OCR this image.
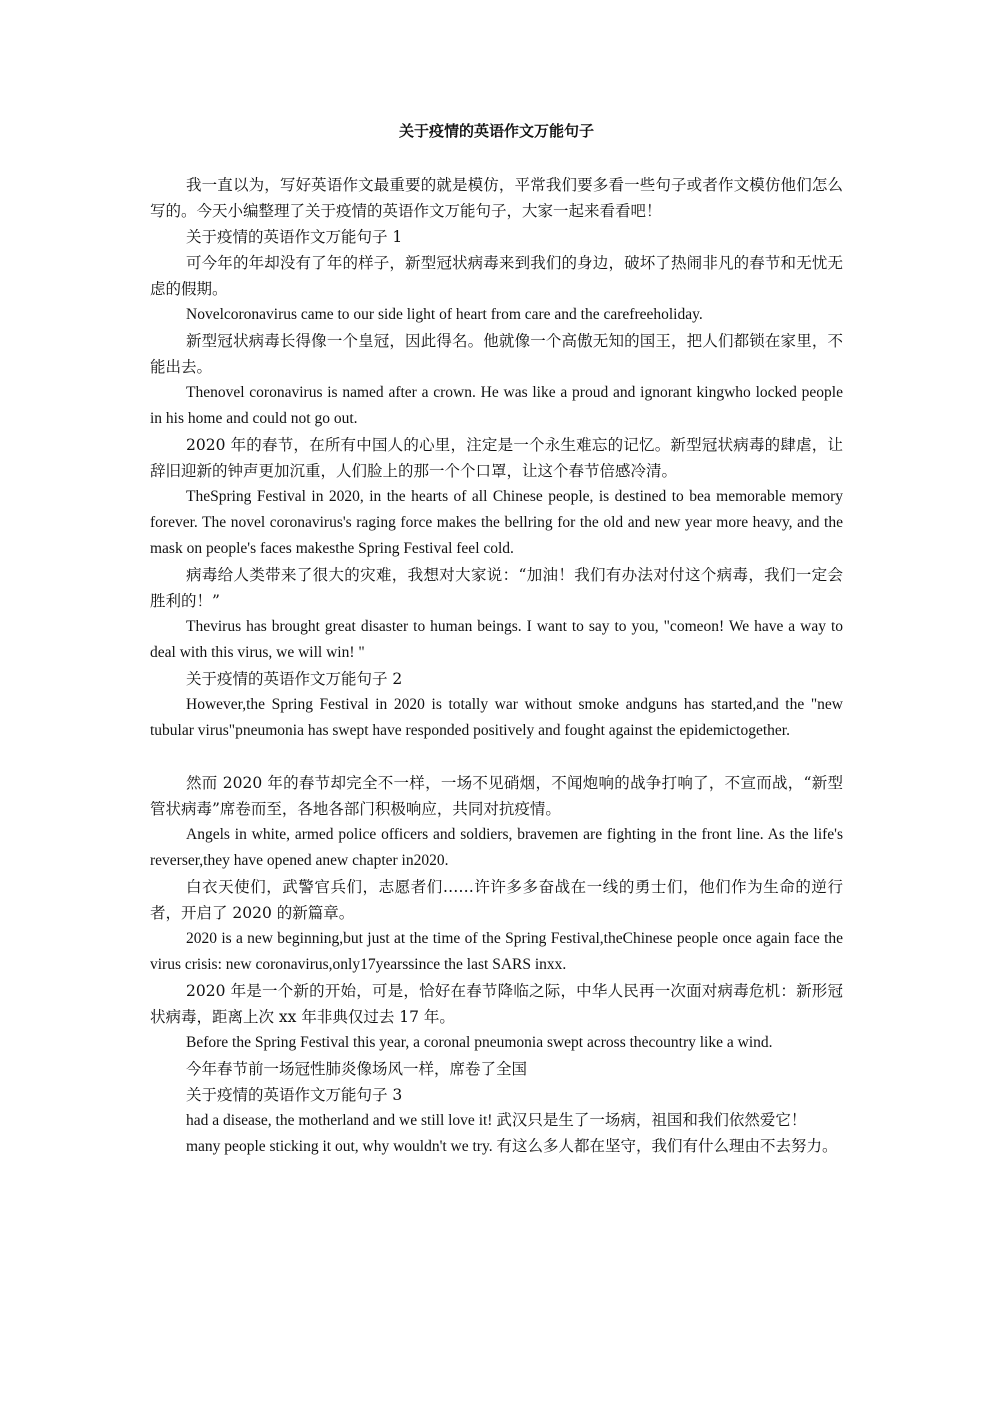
关于疫情的英语作文万能句子

我一直以为，写好英语作文最重要的就是模仿，平常我们要多看一些句子或者作文模仿他们怎么写的。今天小编整理了关于疫情的英语作文万能句子，大家一起来看看吧！

关于疫情的英语作文万能句子 1

可今年的年却没有了年的样子，新型冠状病毒来到我们的身边，破坏了热闹非凡的春节和无忧无虑的假期。

Novelcoronavirus came to our side light of heart from care and the carefreeholiday.

新型冠状病毒长得像一个皇冠，因此得名。他就像一个高傲无知的国王，把人们都锁在家里，不能出去。

Thenovel coronavirus is named after a crown. He was like a proud and ignorant kingwho locked people in his home and could not go out.

2020 年的春节，在所有中国人的心里，注定是一个永生难忘的记忆。新型冠状病毒的肆虐，让辞旧迎新的钟声更加沉重，人们脸上的那一个个口罩，让这个春节倍感冷清。

TheSpring Festival in 2020, in the hearts of all Chinese people, is destined to bea memorable memory forever. The novel coronavirus's raging force makes the bellring for the old and new year more heavy, and the mask on people's faces makesthe Spring Festival feel cold.

病毒给人类带来了很大的灾难，我想对大家说：“加油！我们有办法对付这个病毒，我们一定会胜利的！”

Thevirus has brought great disaster to human beings. I want to say to you, "comeon! We have a way to deal with this virus, we will win! "

关于疫情的英语作文万能句子 2

However,the Spring Festival in 2020 is totally war without smoke andguns has started,and the "new tubular virus"pneumonia has swept have responded positively and fought against the epidemictogether.

然而 2020 年的春节却完全不一样，一场不见硝烟，不闻炮响的战争打响了，不宣而战，“新型管状病毒”席卷而至，各地各部门积极响应，共同对抗疫情。

Angels in white, armed police officers and soldiers, bravemen are fighting in the front line. As the life's reverser,they have opened anew chapter in2020.

白衣天使们，武警官兵们，志愿者们……许许多多奋战在一线的勇士们，他们作为生命的逆行者，开启了 2020 的新篇章。

2020 is a new beginning,but just at the time of the Spring Festival,theChinese people once again face the virus crisis: new coronavirus,only17yearssince the last SARS inxx.

2020 年是一个新的开始，可是，恰好在春节降临之际，中华人民再一次面对病毒危机：新形冠状病毒，距离上次 xx 年非典仅过去 17 年。

Before the Spring Festival this year, a coronal pneumonia swept across thecountry like a wind.

今年春节前一场冠性肺炎像场风一样，席卷了全国

关于疫情的英语作文万能句子 3

had a disease, the motherland and we still love it! 武汉只是生了一场病，祖国和我们依然爱它！

many people sticking it out, why wouldn't we try. 有这么多人都在坚守，我们有什么理由不去努力。
